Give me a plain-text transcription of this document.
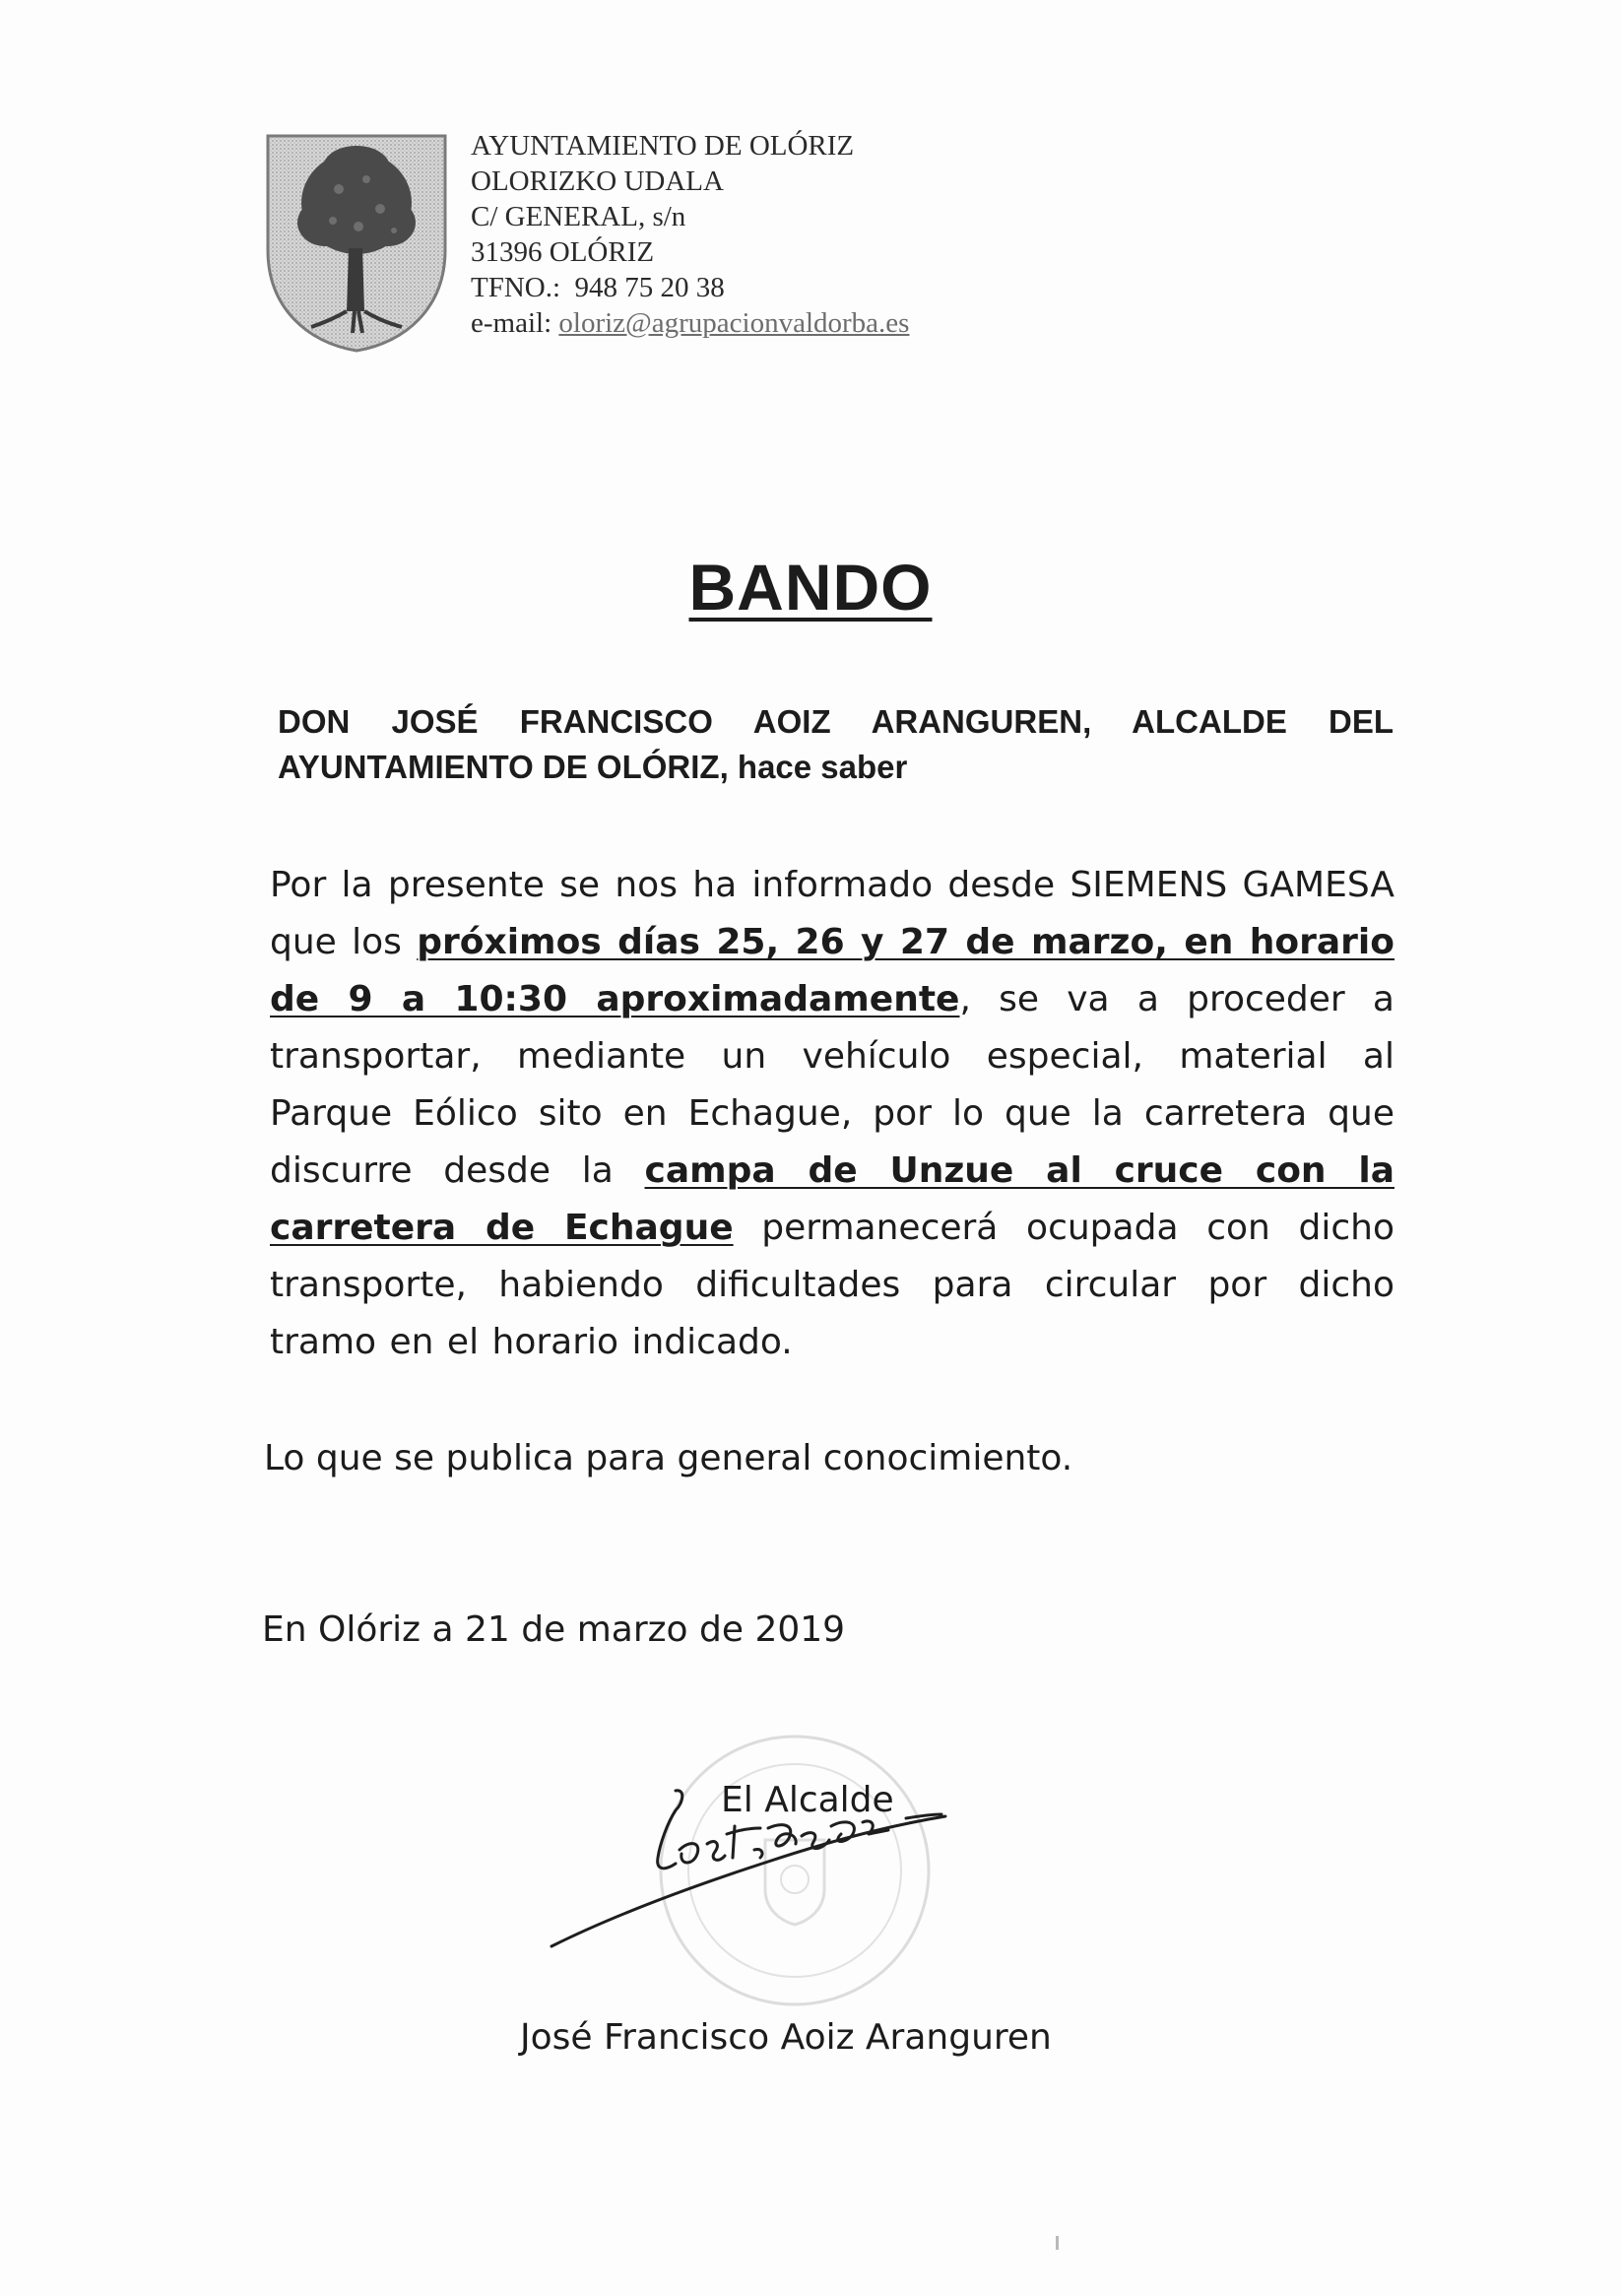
AYUNTAMIENTO DE OLÓRIZ
OLORIZKO UDALA
C/ GENERAL, s/n
31396 OLÓRIZ
TFNO.: 948 75 20 38
e-mail: oloriz@agrupacionvaldorba.es
BANDO
DON JOSÉ FRANCISCO AOIZ ARANGUREN, ALCALDE DEL AYUNTAMIENTO DE OLÓRIZ, hace saber
Por la presente se nos ha informado desde SIEMENS GAMESA que los próximos días 25, 26 y 27 de marzo, en horario de 9 a 10:30 aproximadamente, se va a proceder a transportar, mediante un vehículo especial, material al Parque Eólico sito en Echague, por lo que la carretera que discurre desde la campa de Unzue al cruce con la carretera de Echague permanecerá ocupada con dicho transporte, habiendo dificultades para circular por dicho tramo en el horario indicado.
Lo que se publica para general conocimiento.
En Olóriz a 21 de marzo de 2019
El Alcalde
José Francisco Aoiz Aranguren
